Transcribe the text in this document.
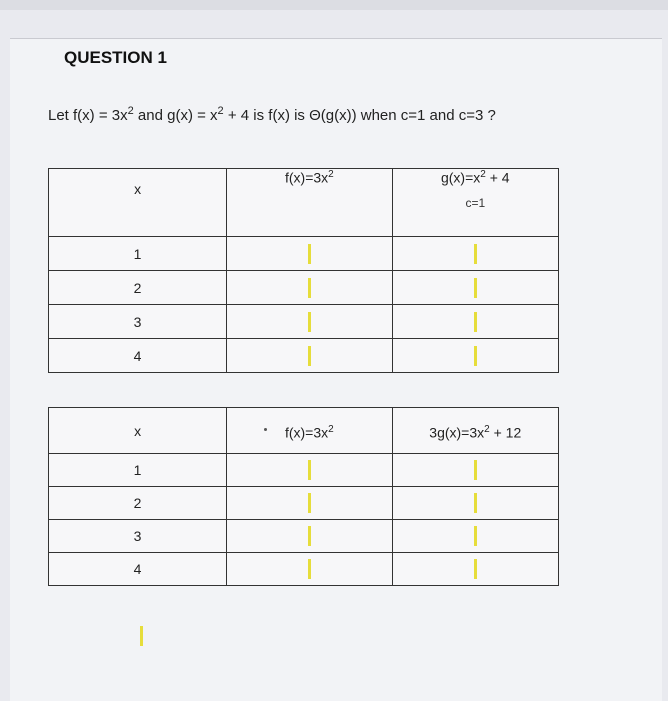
QUESTION 1
Let $f(x) = 3x^2$ and $g(x) = x^2 + 4$ is f(x) is Θ(g(x)) when c=1 and c=3 ?
x	$f(x)=3x^2$	$g(x)=x^2 + 4$
c=1

1		
2		
3		
4		
x	$f(x)=3x^2$	$3g(x)=3x^2 + 12$
1		
2		
3		
4		
